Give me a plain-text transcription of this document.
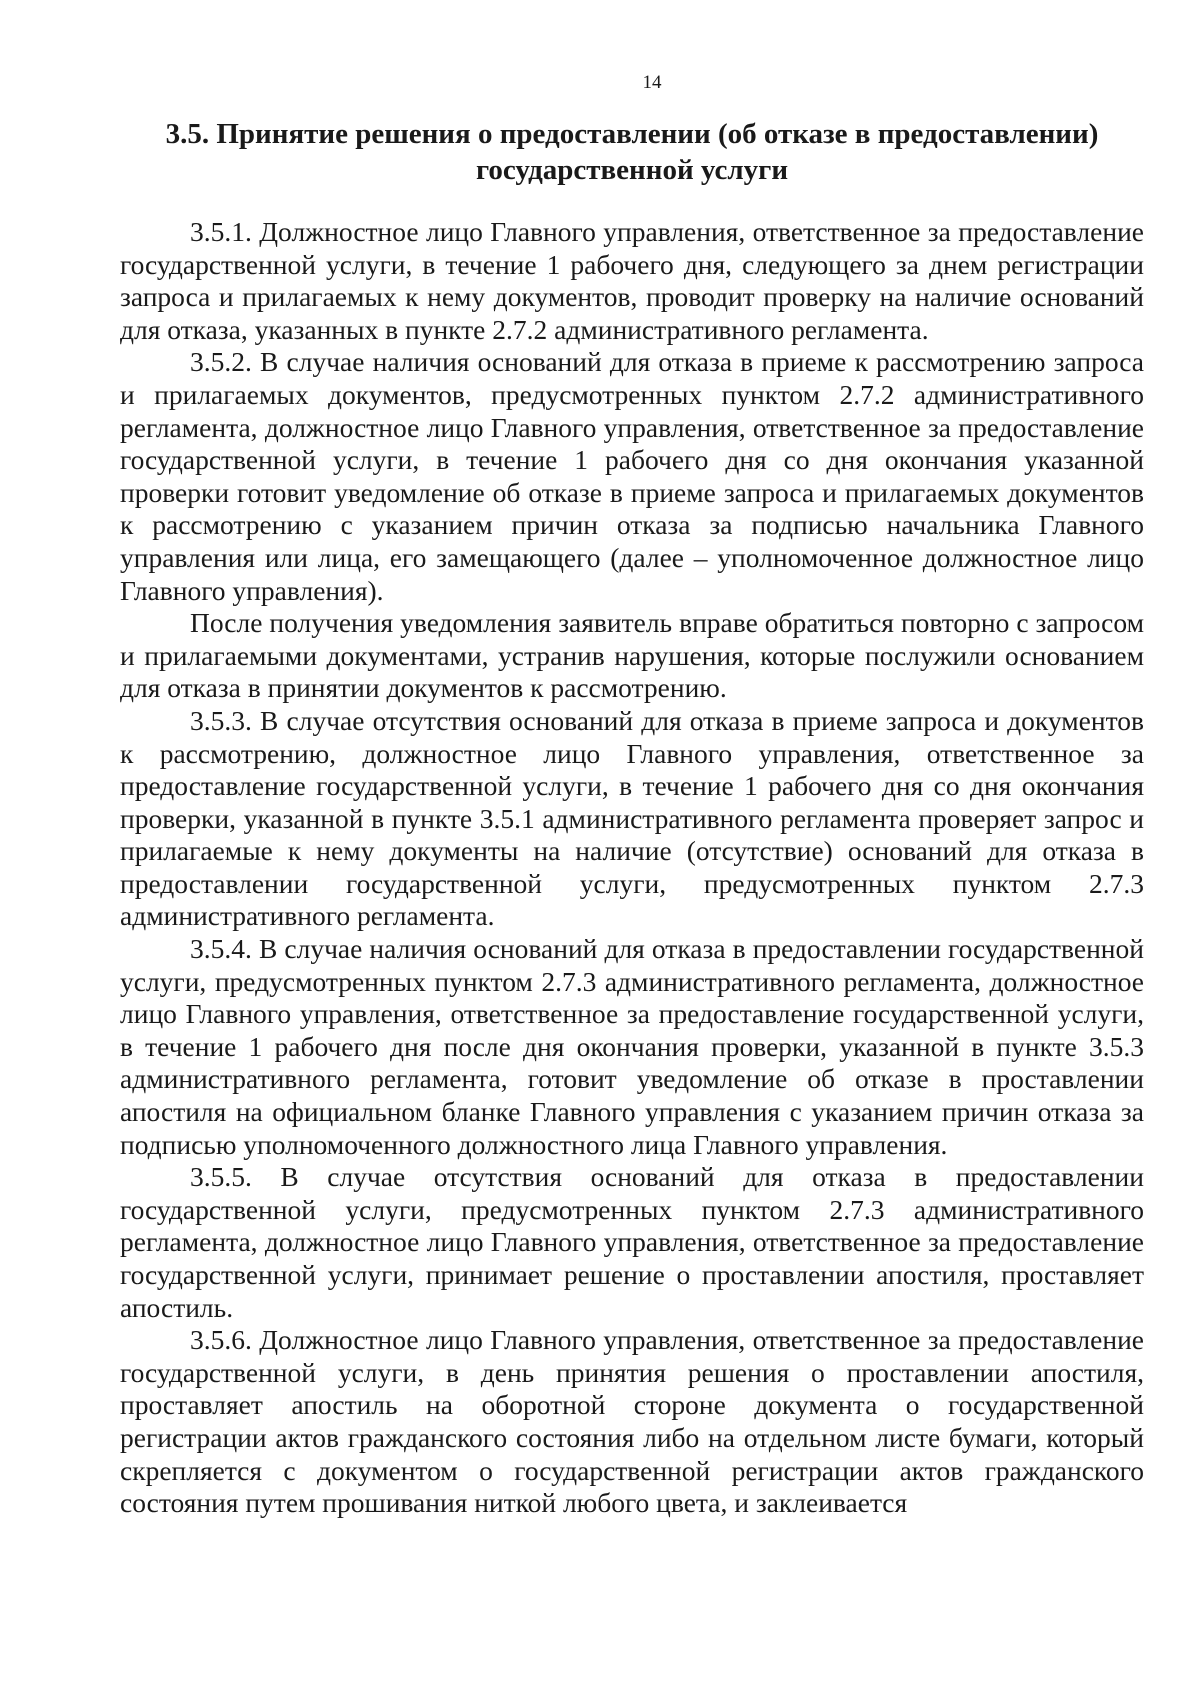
14
3.5. Принятие решения о предоставлении (об отказе в предоставлении)
государственной услуги

3.5.1. Должностное лицо Главного управления, ответственное за предоставление государственной услуги, в течение 1 рабочего дня, следующего за днем регистрации запроса и прилагаемых к нему документов, проводит проверку на наличие оснований для отказа, указанных в пункте 2.7.2 административного регламента.

3.5.2. В случае наличия оснований для отказа в приеме к рассмотрению запроса и прилагаемых документов, предусмотренных пунктом 2.7.2 административного регламента, должностное лицо Главного управления, ответственное за предоставление государственной услуги, в течение 1 рабочего дня со дня окончания указанной проверки готовит уведомление об отказе в приеме запроса и прилагаемых документов к рассмотрению с указанием причин отказа за подписью начальника Главного управления или лица, его замещающего (далее – уполномоченное должностное лицо Главного управления).

После получения уведомления заявитель вправе обратиться повторно с запросом и прилагаемыми документами, устранив нарушения, которые послужили основанием для отказа в принятии документов к рассмотрению.

3.5.3. В случае отсутствия оснований для отказа в приеме запроса и документов к рассмотрению, должностное лицо Главного управления, ответственное за предоставление государственной услуги, в течение 1 рабочего дня со дня окончания проверки, указанной в пункте 3.5.1 административного регламента проверяет запрос и прилагаемые к нему документы на наличие (отсутствие) оснований для отказа в предоставлении государственной услуги, предусмотренных пунктом 2.7.3 административного регламента.

3.5.4. В случае наличия оснований для отказа в предоставлении государственной услуги, предусмотренных пунктом 2.7.3 административного регламента, должностное лицо Главного управления, ответственное за предоставление государственной услуги, в течение 1 рабочего дня после дня окончания проверки, указанной в пункте 3.5.3 административного регламента, готовит уведомление об отказе в проставлении апостиля на официальном бланке Главного управления с указанием причин отказа за подписью уполномоченного должностного лица Главного управления.

3.5.5. В случае отсутствия оснований для отказа в предоставлении государственной услуги, предусмотренных пунктом 2.7.3 административного регламента, должностное лицо Главного управления, ответственное за предоставление государственной услуги, принимает решение о проставлении апостиля, проставляет апостиль.

3.5.6. Должностное лицо Главного управления, ответственное за предоставление государственной услуги, в день принятия решения о проставлении апостиля, проставляет апостиль на оборотной стороне документа о государственной регистрации актов гражданского состояния либо на отдельном листе бумаги, который скрепляется с документом о государственной регистрации актов гражданского состояния путем прошивания ниткой любого цвета, и заклеивается
